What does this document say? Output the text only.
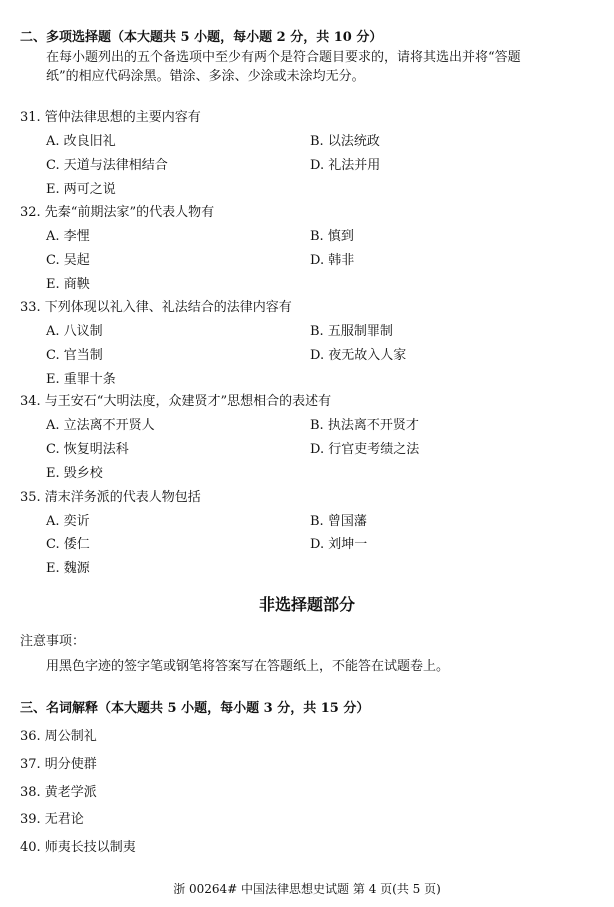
二、多项选择题（本大题共 5 小题，每小题 2 分，共 10 分）
在每小题列出的五个备选项中至少有两个是符合题目要求的，请将其选出并将“答题
纸”的相应代码涂黑。错涂、多涂、少涂或未涂均无分。
31. 管仲法律思想的主要内容有
A. 改良旧礼	B. 以法统政
C. 天道与法律相结合	D. 礼法并用
E. 两可之说
32. 先秦“前期法家”的代表人物有
A. 李悝	B. 慎到
C. 吴起	D. 韩非
E. 商鞅
33. 下列体现以礼入律、礼法结合的法律内容有
A. 八议制	B. 五服制罪制
C. 官当制	D. 夜无故入人家
E. 重罪十条
34. 与王安石“大明法度，众建贤才”思想相合的表述有
A. 立法离不开贤人	B. 执法离不开贤才
C. 恢复明法科	D. 行官吏考绩之法
E. 毁乡校
35. 清末洋务派的代表人物包括
A. 奕䜣	B. 曾国藩
C. 倭仁	D. 刘坤一
E. 魏源
非选择题部分
注意事项：
用黑色字迹的签字笔或钢笔将答案写在答题纸上，不能答在试题卷上。
三、名词解释（本大题共 5 小题，每小题 3 分，共 15 分）
36. 周公制礼
37. 明分使群
38. 黄老学派
39. 无君论
40. 师夷长技以制夷
浙 00264# 中国法律思想史试题 第 4 页(共 5 页)
